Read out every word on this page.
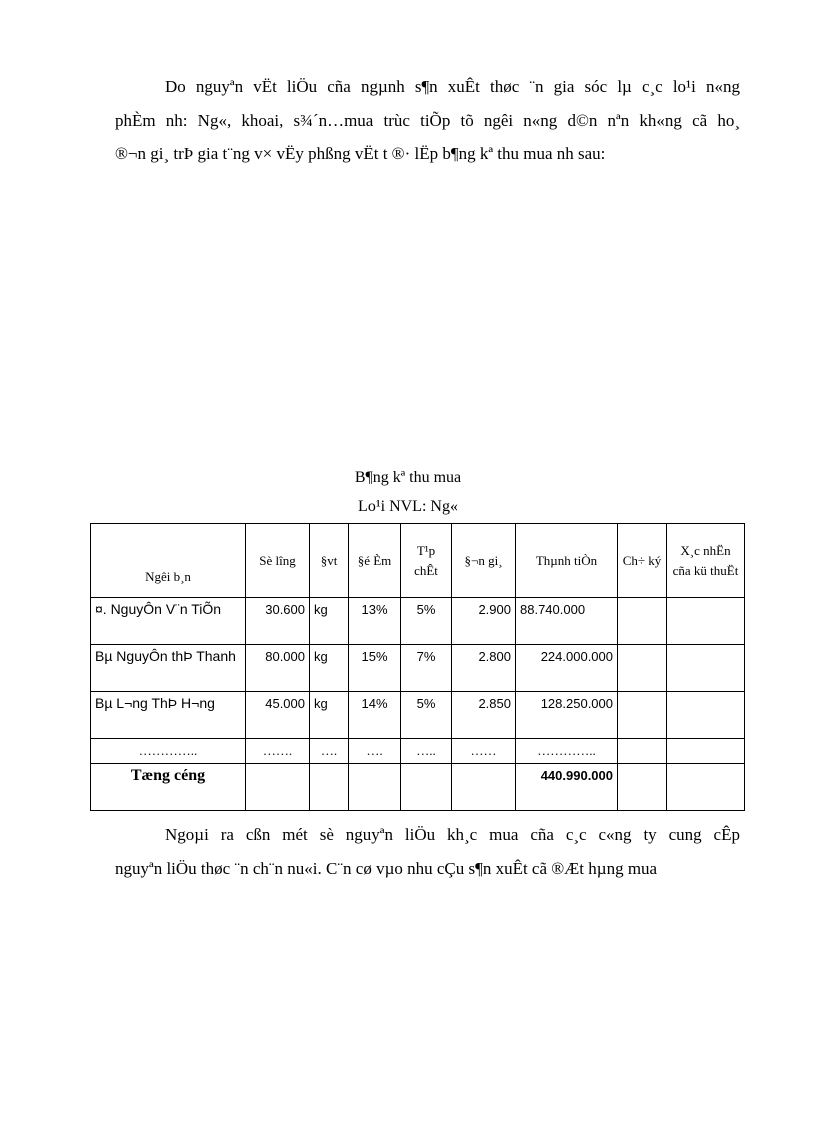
Do nguyªn vËt liÖu cña ngµnh s¶n xuÊt thøc ¨n gia sóc lµ c¸c lo¹i n«ng
phÈm nh: Ng«, khoai, s¾´n…mua trùc tiÕp tõ ngêi n«ng d©n nªn kh«ng cã ho¸
®¬n gi¸ trÞ gia t¨ng v× vËy phßng vËt t ®· lËp b¶ng kª thu mua nh sau:
B¶ng kª thu mua
Lo¹i NVL: Ng«
Ngêi b¸n	Sè lîng	§vt	§é Èm	T¹p chÊt	§¬n gi¸	Thµnh tiÒn	Ch÷ ký	X¸c nhËn cña kü thuËt
¤. NguyÔn V¨n TiÕn	30.600	kg	13%	5%	2.900	88.740.000		
Bµ NguyÔn thÞ Thanh	80.000	kg	15%	7%	2.800	224.000.000		
Bµ L¬ng ThÞ H¬ng	45.000	kg	14%	5%	2.850	128.250.000		
…………..	…….	….	….	…..	……	…………..		
Tæng céng						440.990.000		
Ngoµi ra cßn mét sè nguyªn liÖu kh¸c mua cña c¸c c«ng ty cung cÊp
nguyªn liÖu thøc ¨n ch¨n nu«i. C¨n cø vµo nhu cÇu s¶n xuÊt cã ®Æt hµng mua
